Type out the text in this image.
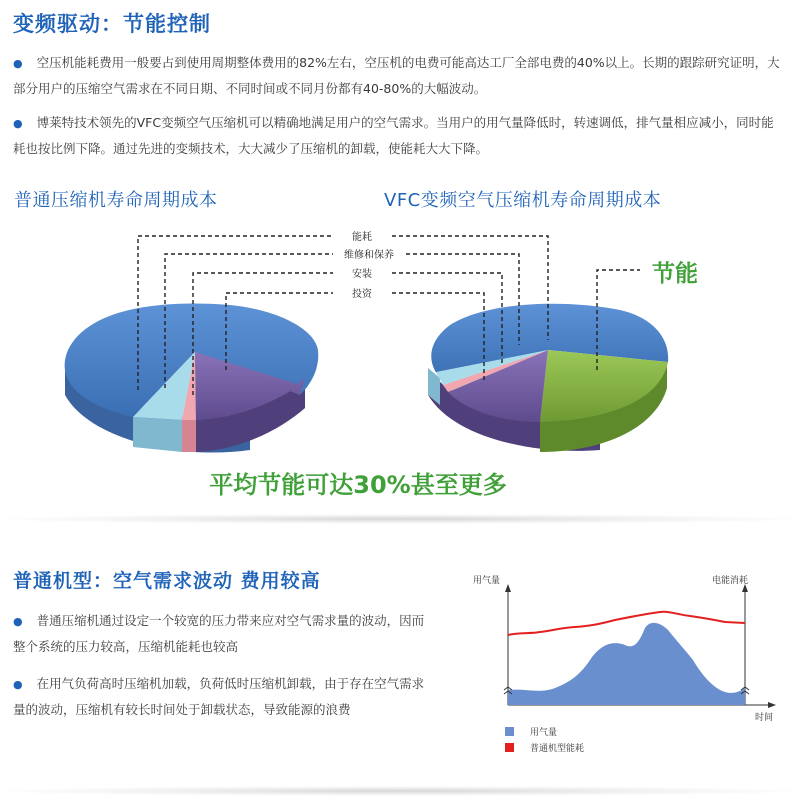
变频驱动：节能控制
● 空压机能耗费用一般要占到使用周期整体费用的82%左右，空压机的电费可能高达工厂全部电费的40%以上。长期的跟踪研究证明，大部分用户的压缩空气需求在不同日期、不同时间或不同月份都有40-80%的大幅波动。
● 博莱特技术领先的VFC变频空气压缩机可以精确地满足用户的空气需求。当用户的用气量降低时，转速调低，排气量相应减小，同时能耗也按比例下降。通过先进的变频技术，大大减少了压缩机的卸载，使能耗大大下降。
普通压缩机寿命周期成本	VFC变频空气压缩机寿命周期成本
能耗
维修和保养
安装
投资
节能
平均节能可达30%甚至更多
普通机型：空气需求波动 费用较高
● 普通压缩机通过设定一个较宽的压力带来应对空气需求量的波动，因而整个系统的压力较高，压缩机能耗也较高
● 在用气负荷高时压缩机加载，负荷低时压缩机卸载，由于存在空气需求量的波动，压缩机有较长时间处于卸载状态，导致能源的浪费
用气量	电能消耗
时间
用气量
普通机型能耗
